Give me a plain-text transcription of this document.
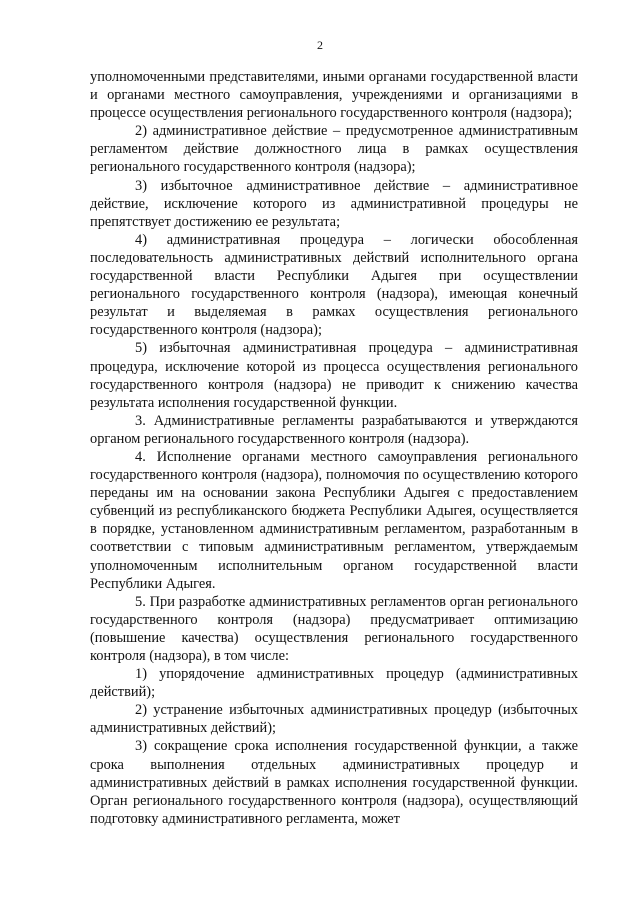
2

уполномоченными представителями, иными органами государственной власти и органами местного самоуправления, учреждениями и организациями в процессе осуществления регионального государственного контроля (надзора);

2) административное действие – предусмотренное административным регламентом действие должностного лица в рамках осуществления регионального государственного контроля (надзора);

3) избыточное административное действие – административное действие, исключение которого из административной процедуры не препятствует достижению ее результата;

4) административная процедура – логически обособленная последовательность административных действий исполнительного органа государственной власти Республики Адыгея при осуществлении регионального государственного контроля (надзора), имеющая конечный результат и выделяемая в рамках осуществления регионального государственного контроля (надзора);

5) избыточная административная процедура – административная процедура, исключение которой из процесса осуществления регионального государственного контроля (надзора) не приводит к снижению качества результата исполнения государственной функции.

3. Административные регламенты разрабатываются и утверждаются органом регионального государственного контроля (надзора).

4. Исполнение органами местного самоуправления регионального государственного контроля (надзора), полномочия по осуществлению которого переданы им на основании закона Республики Адыгея с предоставлением субвенций из республиканского бюджета Республики Адыгея, осуществляется в порядке, установленном административным регламентом, разработанным в соответствии с типовым административным регламентом, утверждаемым уполномоченным исполнительным органом государственной власти Республики Адыгея.

5. При разработке административных регламентов орган регионального государственного контроля (надзора) предусматривает оптимизацию (повышение качества) осуществления регионального государственного контроля (надзора), в том числе:

1) упорядочение административных процедур (административных действий);

2) устранение избыточных административных процедур (избыточных административных действий);

3) сокращение срока исполнения государственной функции, а также срока выполнения отдельных административных процедур и административных действий в рамках исполнения государственной функции. Орган регионального государственного контроля (надзора), осуществляющий подготовку административного регламента, может
